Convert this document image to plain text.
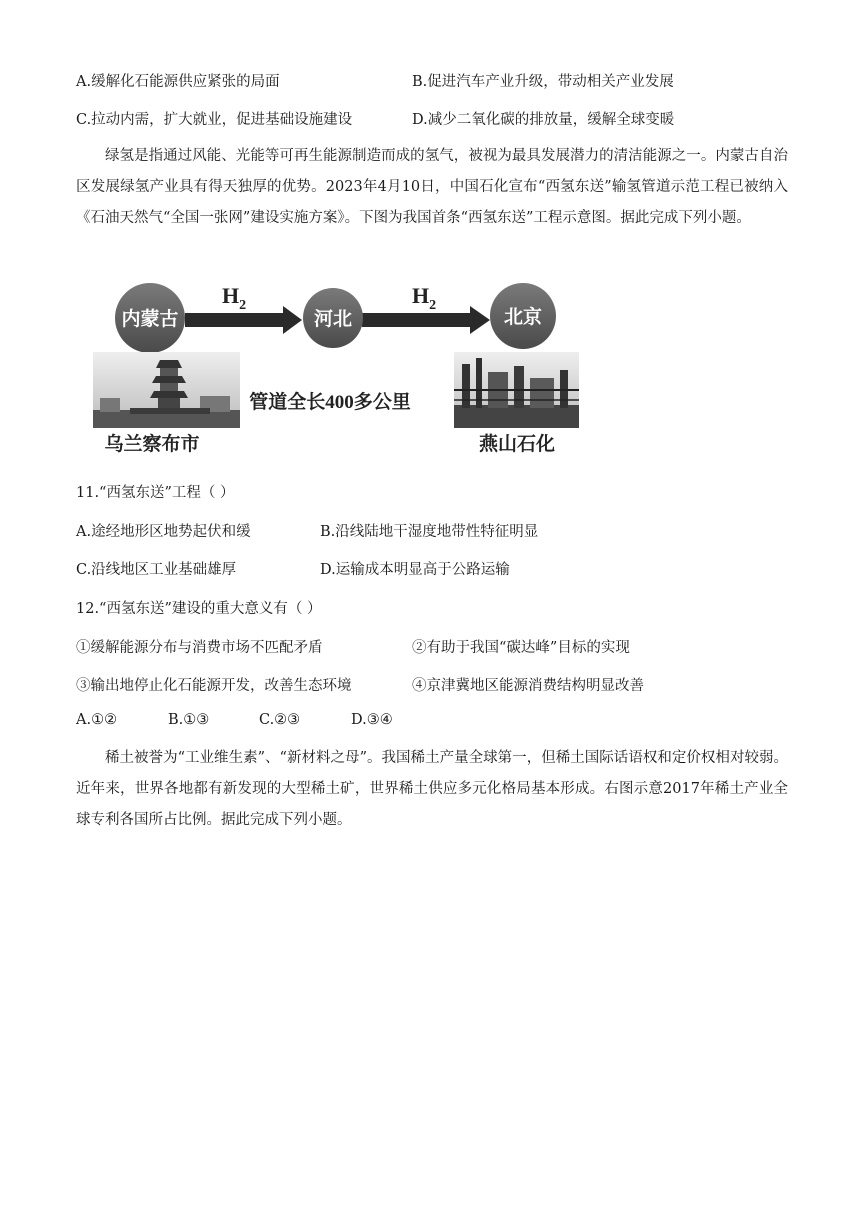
A.缓解化石能源供应紧张的局面	B.促进汽车产业升级，带动相关产业发展
C.拉动内需，扩大就业，促进基础设施建设	D.减少二氧化碳的排放量，缓解全球变暖
绿氢是指通过风能、光能等可再生能源制造而成的氢气，被视为最具发展潜力的清洁能源之一。内蒙古自治区发展绿氢产业具有得天独厚的优势。2023年4月10日，中国石化宣布“西氢东送”输氢管道示范工程已被纳入《石油天然气“全国一张网”建设实施方案》。下图为我国首条“西氢东送”工程示意图。据此完成下列小题。
内蒙古	河北	北京
$H_2$	$H_2$
管道全长400多公里
乌兰察布市	燕山石化
11.“西氢东送”工程（ ）
A.途经地形区地势起伏和缓	B.沿线陆地干湿度地带性特征明显
C.沿线地区工业基础雄厚	D.运输成本明显高于公路运输
12.“西氢东送”建设的重大意义有（ ）
①缓解能源分布与消费市场不匹配矛盾	②有助于我国“碳达峰”目标的实现
③输出地停止化石能源开发，改善生态环境	④京津冀地区能源消费结构明显改善
A.①②	B.①③	C.②③	D.③④
稀土被誉为“工业维生素”、“新材料之母”。我国稀土产量全球第一，但稀土国际话语权和定价权相对较弱。近年来，世界各地都有新发现的大型稀土矿，世界稀土供应多元化格局基本形成。右图示意2017年稀土产业全球专利各国所占比例。据此完成下列小题。
